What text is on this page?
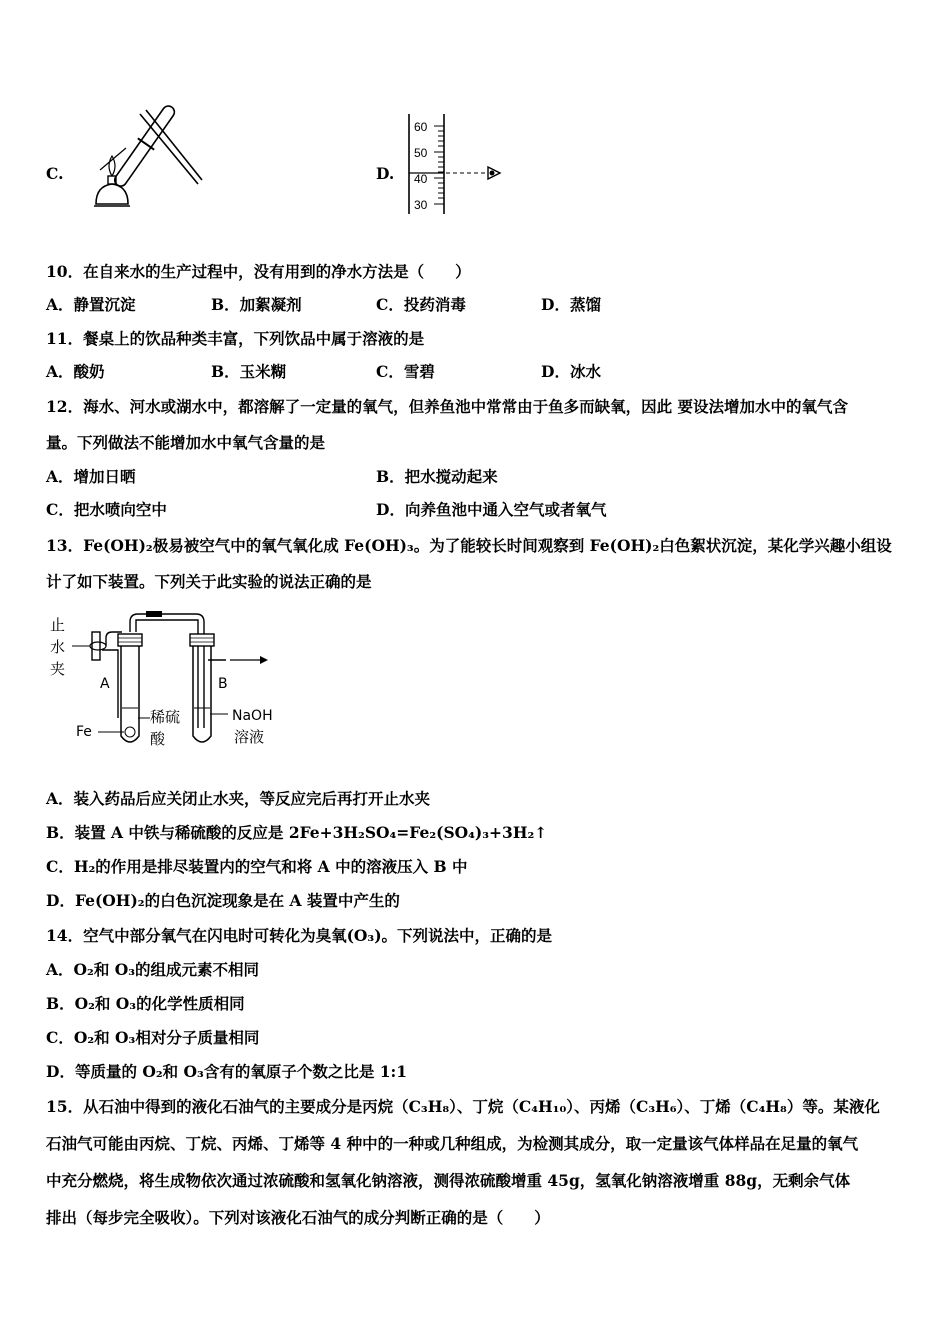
C.	D.
60
50
40
30
10．在自来水的生产过程中，没有用到的净水方法是（　　）
A．静置沉淀	B．加絮凝剂	C．投药消毒	D．蒸馏
11．餐桌上的饮品种类丰富，下列饮品中属于溶液的是
A．酸奶	B．玉米糊	C．雪碧	D．冰水
12．海水、河水或湖水中，都溶解了一定量的氧气，但养鱼池中常常由于鱼多而缺氧，因此 要设法增加水中的氧气含
量。下列做法不能增加水中氧气含量的是
A．增加日晒	B．把水搅动起来
C．把水喷向空中	D．向养鱼池中通入空气或者氧气
13．Fe(OH)₂极易被空气中的氧气氧化成 Fe(OH)₃。为了能较长时间观察到 Fe(OH)₂白色絮状沉淀，某化学兴趣小组设
计了如下装置。下列关于此实验的说法正确的是
止
水
夹
A
Fe
稀硫
酸
B
NaOH
溶液
A．装入药品后应关闭止水夹，等反应完后再打开止水夹
B．装置 A 中铁与稀硫酸的反应是 2Fe+3H₂SO₄=Fe₂(SO₄)₃+3H₂↑
C．H₂的作用是排尽装置内的空气和将 A 中的溶液压入 B 中
D．Fe(OH)₂的白色沉淀现象是在 A 装置中产生的
14．空气中部分氧气在闪电时可转化为臭氧(O₃)。下列说法中，正确的是
A．O₂和 O₃的组成元素不相同
B．O₂和 O₃的化学性质相同
C．O₂和 O₃相对分子质量相同
D．等质量的 O₂和 O₃含有的氧原子个数之比是 1:1
15．从石油中得到的液化石油气的主要成分是丙烷（C₃H₈）、丁烷（C₄H₁₀）、丙烯（C₃H₆）、丁烯（C₄H₈）等。某液化
石油气可能由丙烷、丁烷、丙烯、丁烯等 4 种中的一种或几种组成，为检测其成分，取一定量该气体样品在足量的氧气
中充分燃烧，将生成物依次通过浓硫酸和氢氧化钠溶液，测得浓硫酸增重 45g，氢氧化钠溶液增重 88g，无剩余气体
排出（每步完全吸收）。下列对该液化石油气的成分判断正确的是（　　）
